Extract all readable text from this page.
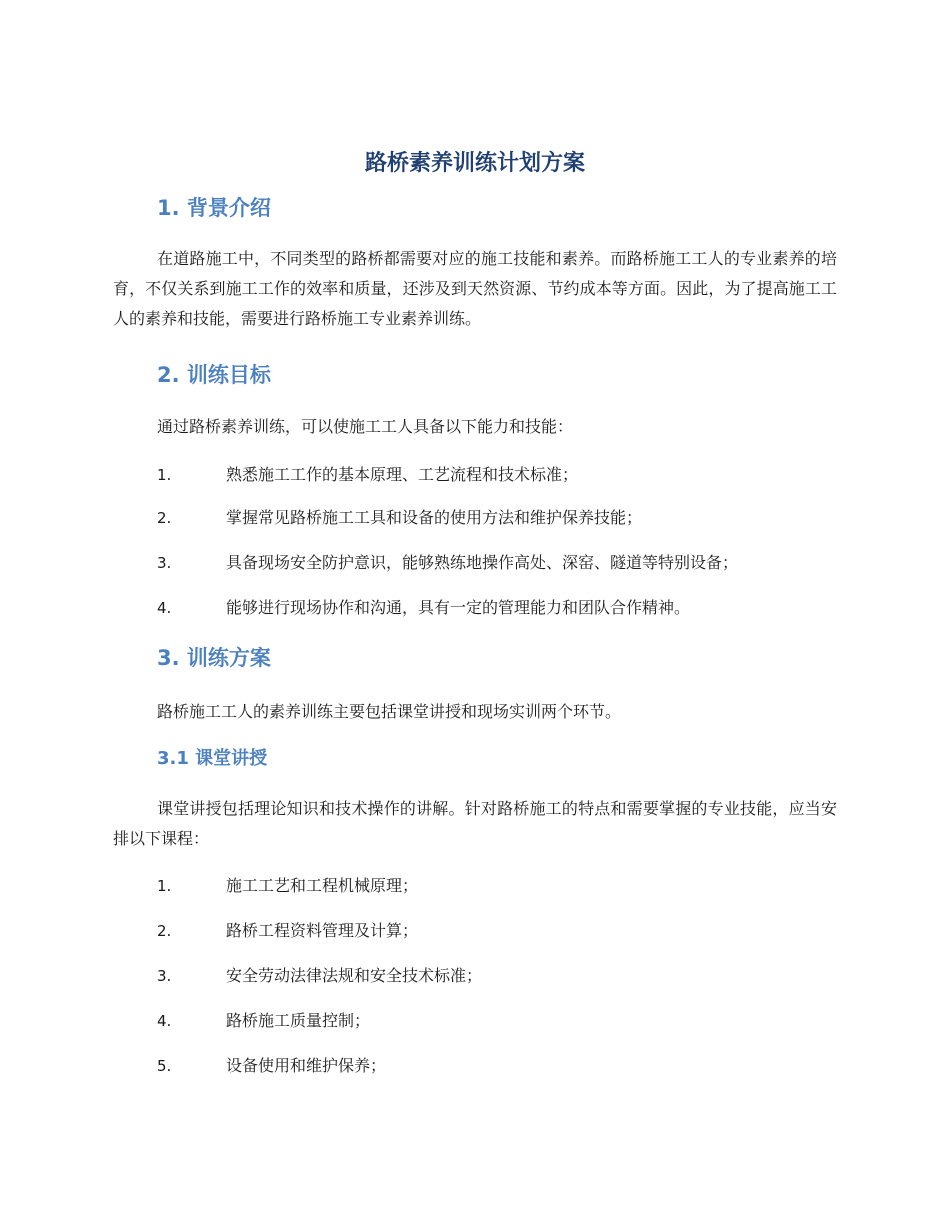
路桥素养训练计划方案
1. 背景介绍

在道路施工中，不同类型的路桥都需要对应的施工技能和素养。而路桥施工工人的专业素养的培育，不仅关系到施工工作的效率和质量，还涉及到天然资源、节约成本等方面。因此，为了提高施工工人的素养和技能，需要进行路桥施工专业素养训练。

2. 训练目标

通过路桥素养训练，可以使施工工人具备以下能力和技能：

1.	熟悉施工工作的基本原理、工艺流程和技术标准；
2.	掌握常见路桥施工工具和设备的使用方法和维护保养技能；
3.	具备现场安全防护意识，能够熟练地操作高处、深窑、隧道等特别设备；
4.	能够进行现场协作和沟通，具有一定的管理能力和团队合作精神。
3. 训练方案

路桥施工工人的素养训练主要包括课堂讲授和现场实训两个环节。

3.1 课堂讲授

课堂讲授包括理论知识和技术操作的讲解。针对路桥施工的特点和需要掌握的专业技能，应当安排以下课程：

1.	施工工艺和工程机械原理；
2.	路桥工程资料管理及计算；
3.	安全劳动法律法规和安全技术标准；
4.	路桥施工质量控制；
5.	设备使用和维护保养；
